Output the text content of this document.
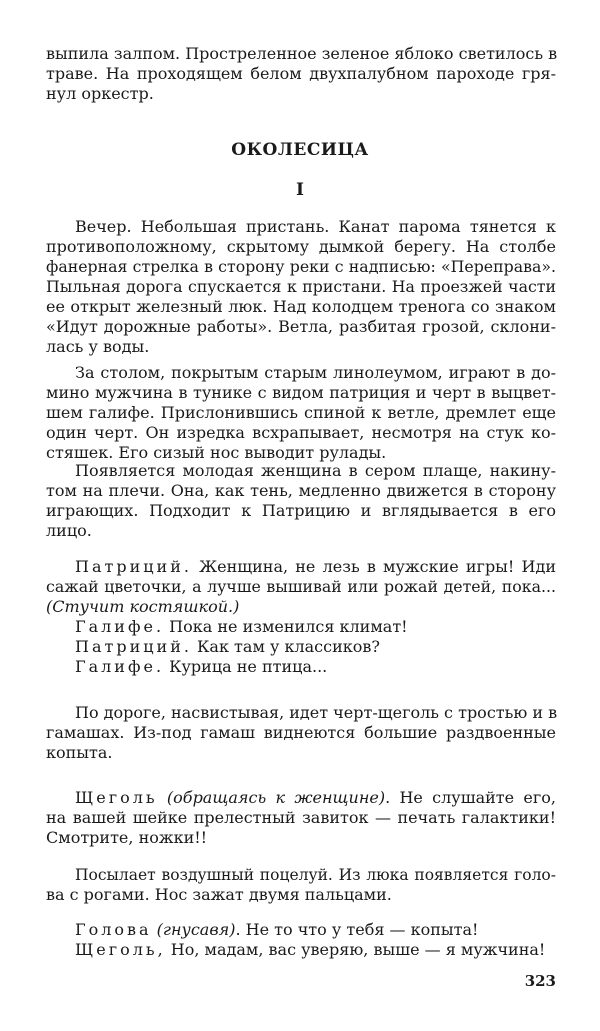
выпила залпом. Простреленное зеленое яблоко светилось в
траве. На проходящем белом двухпалубном пароходе гря-
нул оркестр.
ОКОЛЕСИЦА
I
Вечер. Небольшая пристань. Канат парома тянется к
противоположному, скрытому дымкой берегу. На столбе
фанерная стрелка в сторону реки с надписью: «Переправа».
Пыльная дорога спускается к пристани. На проезжей части
ее открыт железный люк. Над колодцем тренога со знаком
«Идут дорожные работы». Ветла, разбитая грозой, склони-
лась у воды.
За столом, покрытым старым линолеумом, играют в до-
мино мужчина в тунике с видом патриция и черт в выцвет-
шем галифе. Прислонившись спиной к ветле, дремлет еще
один черт. Он изредка всхрапывает, несмотря на стук ко-
стяшек. Его сизый нос выводит рулады.
Появляется молодая женщина в сером плаще, накину-
том на плечи. Она, как тень, медленно движется в сторону
играющих. Подходит к Патрицию и вглядывается в его
лицо.
Патриций. Женщина, не лезь в мужские игры! Иди
сажай цветочки, а лучше вышивай или рожай детей, пока...
(Стучит костяшкой.)
Галифе. Пока не изменился климат!
Патриций. Как там у классиков?
Галифе. Курица не птица...
По дороге, насвистывая, идет черт-щеголь с тростью и в
гамашах. Из-под гамаш виднеются большие раздвоенные
копыта.
Щеголь (обращаясь к женщине). Не слушайте его,
на вашей шейке прелестный завиток — печать галактики!
Смотрите, ножки!!
Посылает воздушный поцелуй. Из люка появляется голо-
ва с рогами. Нос зажат двумя пальцами.
Голова (гнусавя). Не то что у тебя — копыта!
Щеголь, Но, мадам, вас уверяю, выше — я мужчина!
323
